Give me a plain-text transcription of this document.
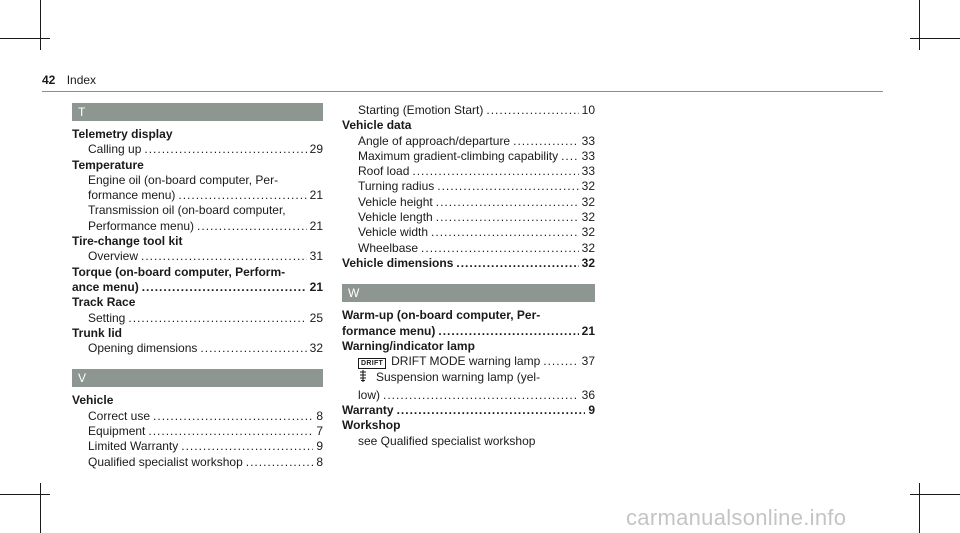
42 Index
T
Telemetry display
Calling up .....	29
Temperature
Engine oil (on-board computer, Per-
formance menu) .....	21
Transmission oil (on-board computer,
Performance menu) .....	21
Tire-change tool kit
Overview .....	31
Torque (on-board computer, Perform-
ance menu) .....	21
Track Race
Setting .....	25
Trunk lid
Opening dimensions .....	32
V
Vehicle
Correct use .....	8
Equipment .....	7
Limited Warranty .....	9
Qualified specialist workshop .....	8
Starting (Emotion Start) .....	10
Vehicle data
Angle of approach/departure .....	33
Maximum gradient-climbing capability ..... 33
Roof load .....	33
Turning radius .....	32
Vehicle height .....	32
Vehicle length .....	32
Vehicle width .....	32
Wheelbase .....	32
Vehicle dimensions .....	32
W
Warm-up (on-board computer, Per-
formance menu) .....	21
Warning/indicator lamp
DRIFT DRIFT MODE warning lamp .....	37
Suspension warning lamp (yel-
low) .....	36
Warranty .....	9
Workshop
see Qualified specialist workshop
carmanualsonline.info
